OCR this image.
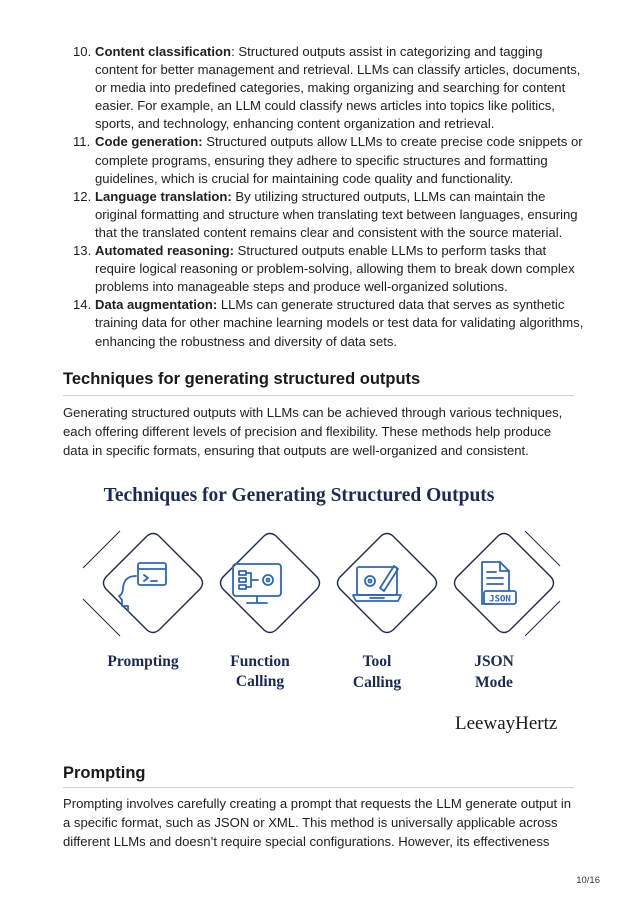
10. Content classification: Structured outputs assist in categorizing and tagging content for better management and retrieval. LLMs can classify articles, documents, or media into predefined categories, making organizing and searching for content easier. For example, an LLM could classify news articles into topics like politics, sports, and technology, enhancing content organization and retrieval.
11. Code generation: Structured outputs allow LLMs to create precise code snippets or complete programs, ensuring they adhere to specific structures and formatting guidelines, which is crucial for maintaining code quality and functionality.
12. Language translation: By utilizing structured outputs, LLMs can maintain the original formatting and structure when translating text between languages, ensuring that the translated content remains clear and consistent with the source material.
13. Automated reasoning: Structured outputs enable LLMs to perform tasks that require logical reasoning or problem-solving, allowing them to break down complex problems into manageable steps and produce well-organized solutions.
14. Data augmentation: LLMs can generate structured data that serves as synthetic training data for other machine learning models or test data for validating algorithms, enhancing the robustness and diversity of data sets.
Techniques for generating structured outputs

Generating structured outputs with LLMs can be achieved through various techniques, each offering different levels of precision and flexibility. These methods help produce data in specific formats, ensuring that outputs are well-organized and consistent.

Techniques for Generating Structured Outputs
JSON
Prompting	Function
Calling
Tool
Calling
JSON
Mode
LeewayHertz
Prompting

Prompting involves carefully creating a prompt that requests the LLM generate output in a specific format, such as JSON or XML. This method is universally applicable across different LLMs and doesn’t require special configurations. However, its effectiveness

10/16
